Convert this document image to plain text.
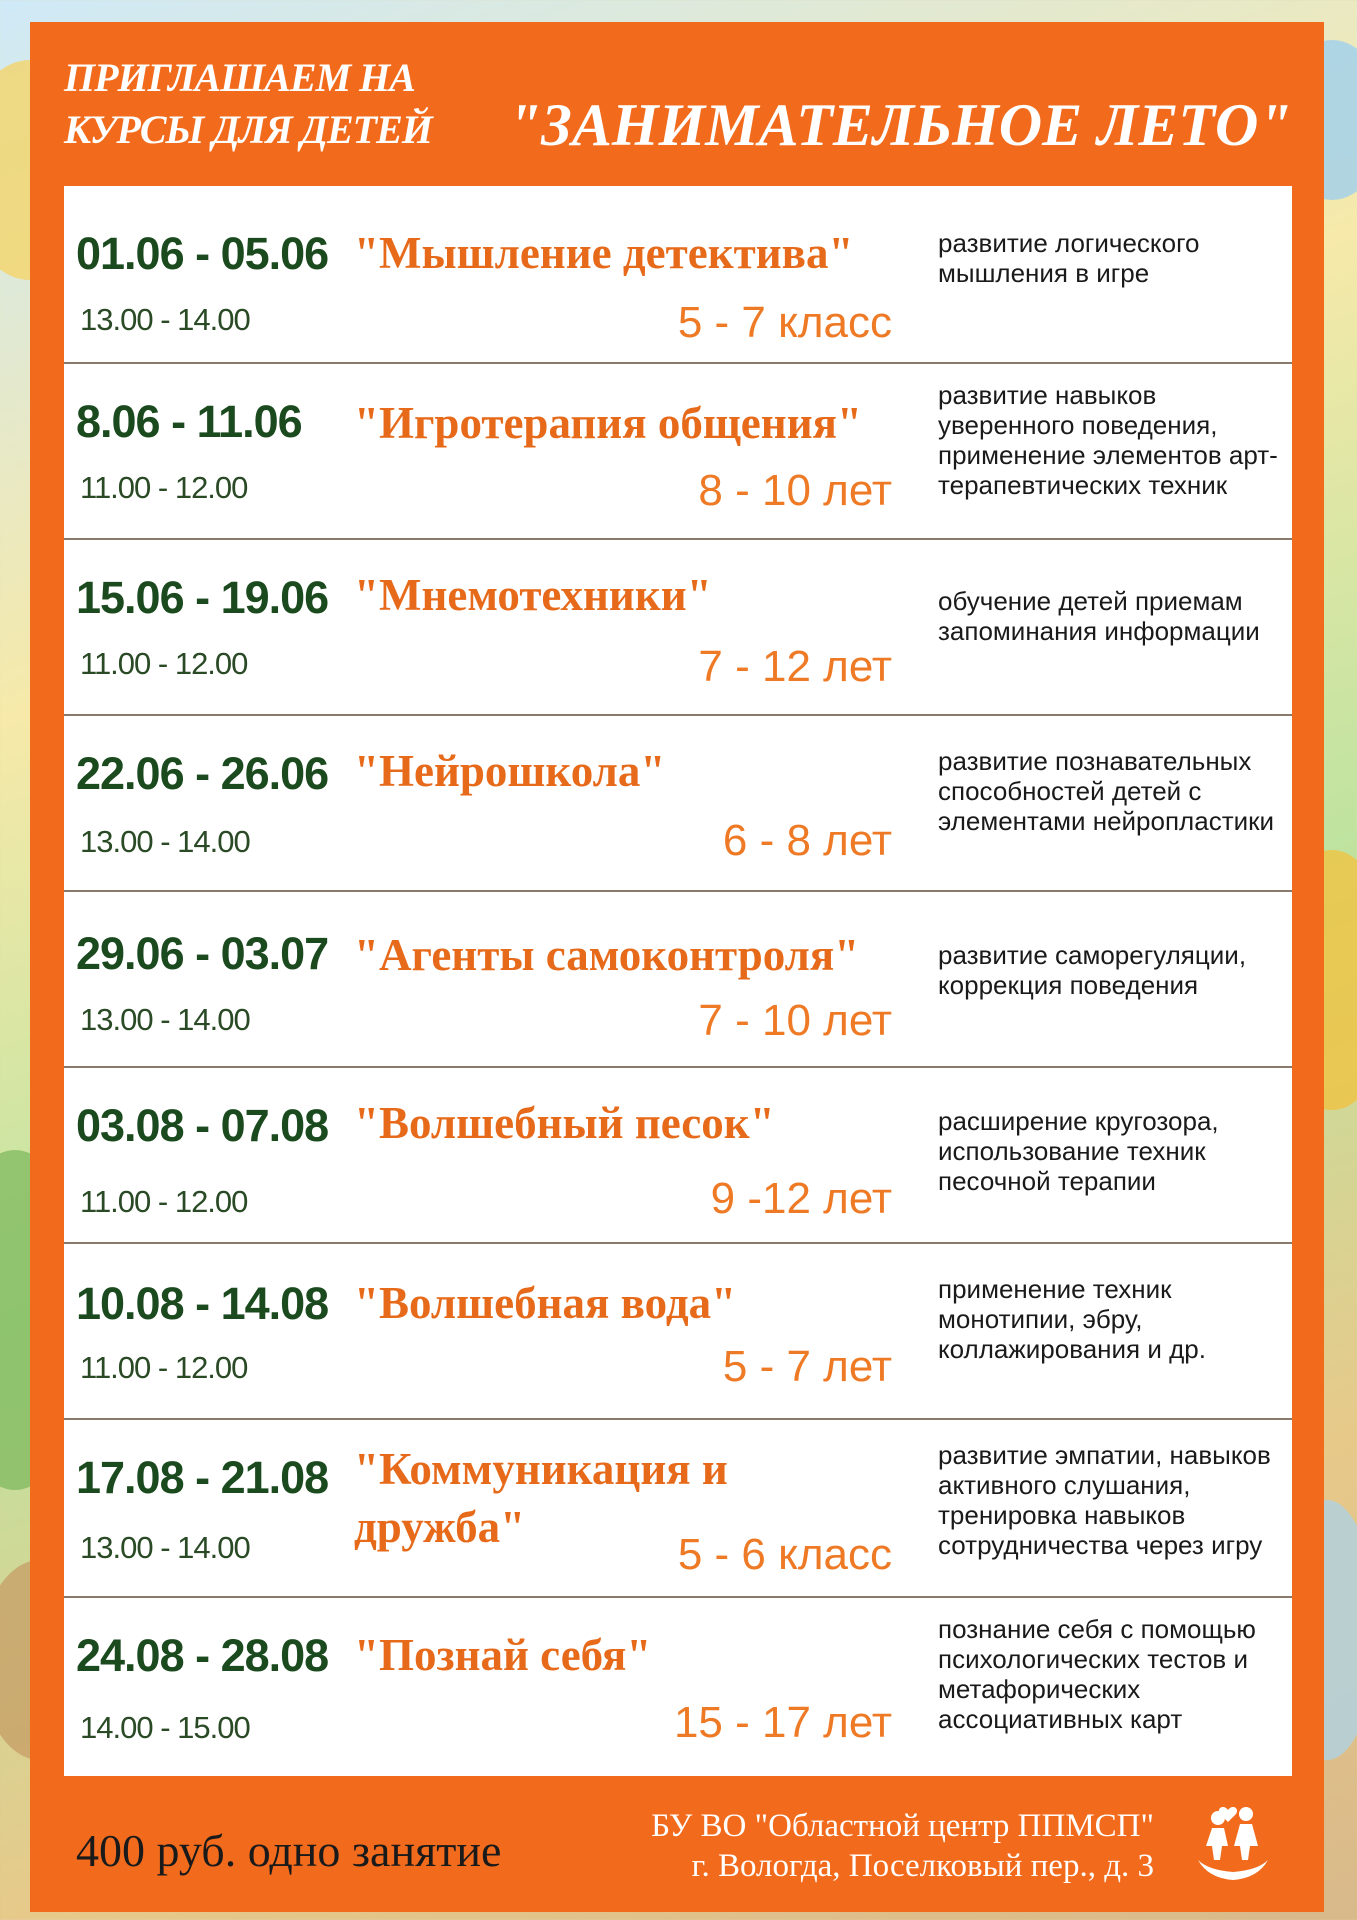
ПРИГЛАШАЕМ НА
КУРСЫ ДЛЯ ДЕТЕЙ	"ЗАНИМАТЕЛЬНОЕ ЛЕТО"
01.06 - 05.06
13.00 - 14.00
"Мышление детектива"
5 - 7 класс
развитие логического мышления в игре
8.06 - 11.06
11.00 - 12.00
"Игротерапия общения"
8 - 10 лет
развитие навыков уверенного поведения, применение элементов арт-терапевтических техник
15.06 - 19.06
11.00 - 12.00
"Мнемотехники"
7 - 12 лет
обучение детей приемам запоминания информации
22.06 - 26.06
13.00 - 14.00
"Нейрошкола"
6 - 8 лет
развитие познавательных способностей детей с элементами нейропластики
29.06 - 03.07
13.00 - 14.00
"Агенты самоконтроля"
7 - 10 лет
развитие саморегуляции, коррекция поведения
03.08 - 07.08
11.00 - 12.00
"Волшебный песок"
9 -12 лет
расширение кругозора, использование техник песочной терапии
10.08 - 14.08
11.00 - 12.00
"Волшебная вода"
5 - 7 лет
применение техник монотипии, эбру, коллажирования и др.
17.08 - 21.08
13.00 - 14.00
"Коммуникация и дружба"
5 - 6 класс
развитие эмпатии, навыков активного слушания, тренировка навыков сотрудничества через игру
24.08 - 28.08
14.00 - 15.00
"Познай себя"
15 - 17 лет
познание себя с помощью психологических тестов и метафорических ассоциативных карт
400 руб. одно занятие	БУ ВО "Областной центр ППМСП"
г. Вологда, Поселковый пер., д. 3
